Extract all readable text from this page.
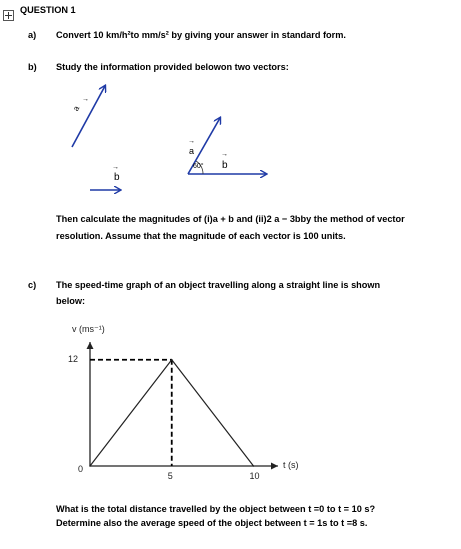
QUESTION 1
a) Convert 10 km/h²to mm/s² by giving your answer in standard form.
b) Study the information provided belowon two vectors:
a
→
b
→
a
→
b
→
60°
Then calculate the magnitudes of (i)a + b and (ii)2 a − 3bby the method of vector
resolution. Assume that the magnitude of each vector is 100 units.
c) The speed-time graph of an object travelling along a straight line is shown
below:
v (ms⁻¹)
t (s)
0
5	10
12
What is the total distance travelled by the object between t =0 to t = 10 s?
Determine also the average speed of the object between t = 1s to t =8 s.
